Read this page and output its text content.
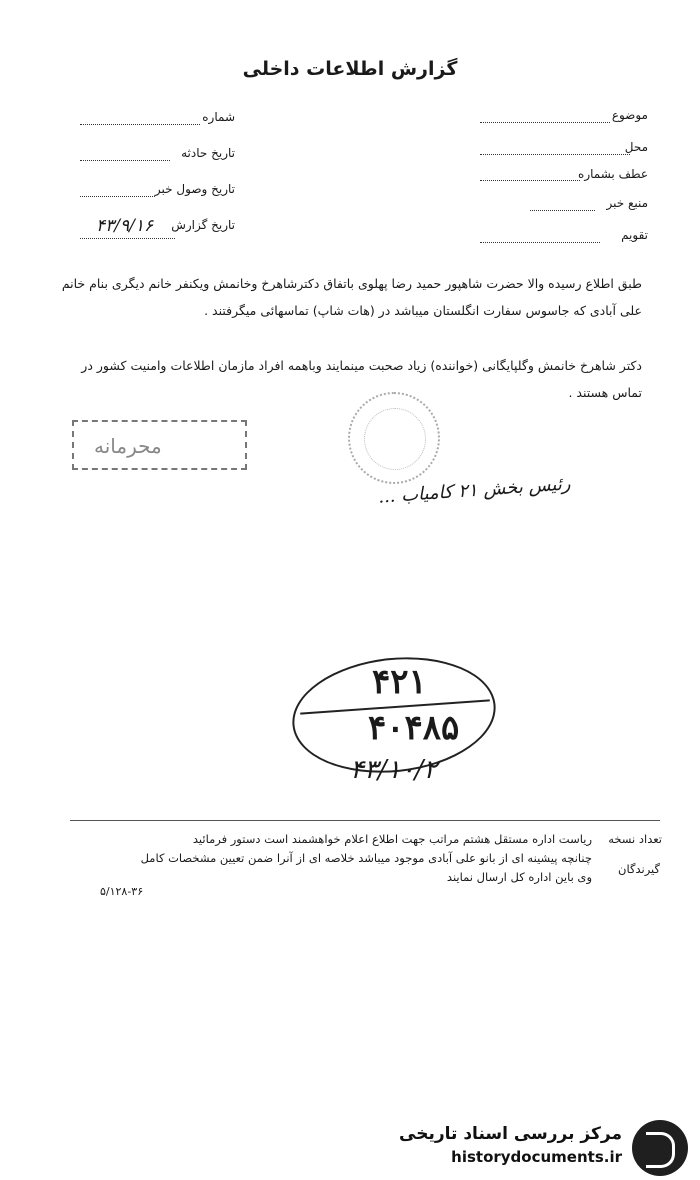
گزارش اطلاعات داخلی
موضوع
محل
عطف بشماره
منبع خبر
تقویم
شماره
تاریخ حادثه
تاریخ وصول خبر
تاریخ گزارش
۴۳/۹/۱۶
طبق اطلاع رسیده والا حضرت شاهپور حمید رضا پهلوی باتفاق دکترشاهرخ وخانمش ویکنفر خانم دیگری بنام خانم علی آبادی که جاسوس سفارت انگلستان میباشد در (هات شاپ) تماسهائی میگرفتند .
دکتر شاهرخ خانمش وگلپایگانی (خواننده) زیاد صحبت مینمایند وباهمه افراد مازمان اطلاعات وامنیت کشور در تماس هستند .
محرمانه
رئیس بخش ۲۱ کامیاب ...
۴۲۱
۴۰۴۸۵
۴۳/۱۰/۲
تعداد نسخه
گیرندگان
ریاست اداره مستقل هشتم مراتب جهت اطلاع اعلام خواهشمند است دستور فرمائید
چنانچه پیشینه ای از بانو علی آبادی موجود میباشد خلاصه ای از آنرا ضمن تعیین مشخصات کامل
وی باین اداره کل ارسال نمایند
۵/۱۲۸-۳۶
مرکز بررسی اسناد تاریخی
historydocuments.ir
